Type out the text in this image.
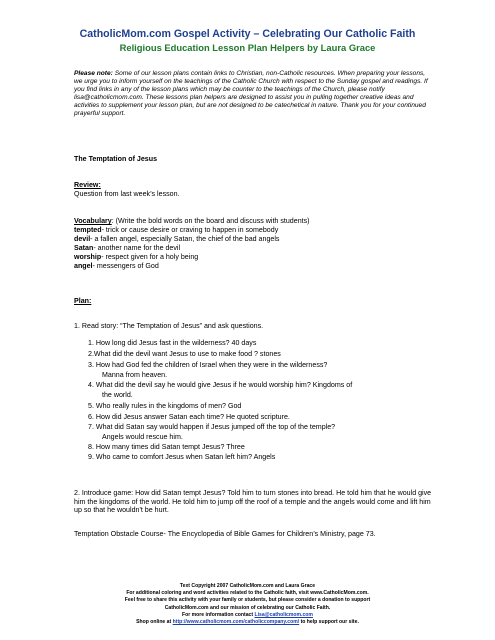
CatholicMom.com Gospel Activity – Celebrating Our Catholic Faith
Religious Education Lesson Plan Helpers by Laura Grace
Please note: Some of our lesson plans contain links to Christian, non-Catholic resources. When preparing your lessons, we urge you to inform yourself on the teachings of the Catholic Church with respect to the Sunday gospel and readings. If you find links in any of the lesson plans which may be counter to the teachings of the Church, please notify lisa@catholicmom.com. These lessons plan helpers are designed to assist you in pulling together creative ideas and activities to supplement your lesson plan, but are not designed to be catechetical in nature. Thank you for your continued prayerful support.
The Temptation of Jesus
Review:
Question from last week’s lesson.
Vocabulary: (Write the bold words on the board and discuss with students)
tempted- trick or cause desire or craving to happen in somebody
devil- a fallen angel, especially Satan, the chief of the bad angels
Satan- another name for the devil
worship- respect given for a holy being
angel- messengers of God
Plan:
1. Read story: “The Temptation of Jesus” and ask questions.
1. How long did Jesus fast in the wilderness? 40 days
2.What did the devil want Jesus to use to make food ? stones
3. How had God fed the children of Israel when they were in the wilderness?
Manna from heaven.
4. What did the devil say he would give Jesus if he would worship him? Kingdoms of
the world.
5. Who really rules in the kingdoms of men? God
6. How did Jesus answer Satan each time? He quoted scripture.
7. What did Satan say would happen if Jesus jumped off the top of the temple?
Angels would rescue him.
8. How many times did Satan tempt Jesus? Three
9. Who came to comfort Jesus when Satan left him? Angels
2. Introduce game: How did Satan tempt Jesus? Told him to turn stones into bread. He told him that he would give him the kingdoms of the world. He told him to jump off the roof of a temple and the angels would come and lift him up so that he wouldn't be hurt.
Temptation Obstacle Course- The Encyclopedia of Bible Games for Children’s Ministry, page 73.
Text Copyright 2007 CatholicMom.com and Laura Grace
For additional coloring and word activities related to the Catholic faith, visit www.CatholicMom.com.
Feel free to share this activity with your family or students, but please consider a donation to support
CatholicMom.com and our mission of celebrating our Catholic Faith.
For more information contact Lisa@catholicmom.com
Shop online at http://www.catholicmom.com/catholiccompany.com/ to help support our site.
